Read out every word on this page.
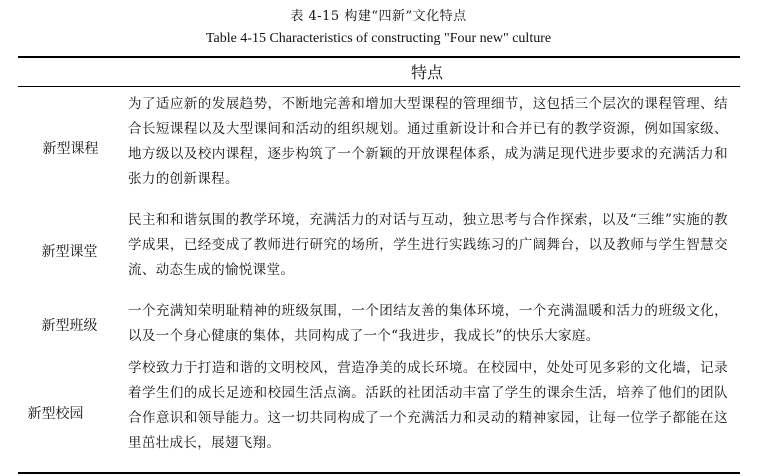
表 4-15 构建“四新”文化特点
Table 4-15 Characteristics of constructing "Four new" culture
特点
新型课程
为了适应新的发展趋势，不断地完善和增加大型课程的管理细节，这包括三个层次的课程管理、结合长短课程以及大型课间和活动的组织规划。通过重新设计和合并已有的教学资源，例如国家级、地方级以及校内课程，逐步构筑了一个新颖的开放课程体系，成为满足现代进步要求的充满活力和张力的创新课程。
新型课堂
民主和和谐氛围的教学环境，充满活力的对话与互动，独立思考与合作探索，以及“三维”实施的教学成果，已经变成了教师进行研究的场所，学生进行实践练习的广阔舞台，以及教师与学生智慧交流、动态生成的愉悦课堂。
新型班级
一个充满知荣明耻精神的班级氛围，一个团结友善的集体环境，一个充满温暖和活力的班级文化，以及一个身心健康的集体，共同构成了一个“我进步，我成长”的快乐大家庭。
新型校园
学校致力于打造和谐的文明校风，营造净美的成长环境。在校园中，处处可见多彩的文化墙，记录着学生们的成长足迹和校园生活点滴。活跃的社团活动丰富了学生的课余生活，培养了他们的团队合作意识和领导能力。这一切共同构成了一个充满活力和灵动的精神家园，让每一位学子都能在这里茁壮成长，展翅飞翔。
